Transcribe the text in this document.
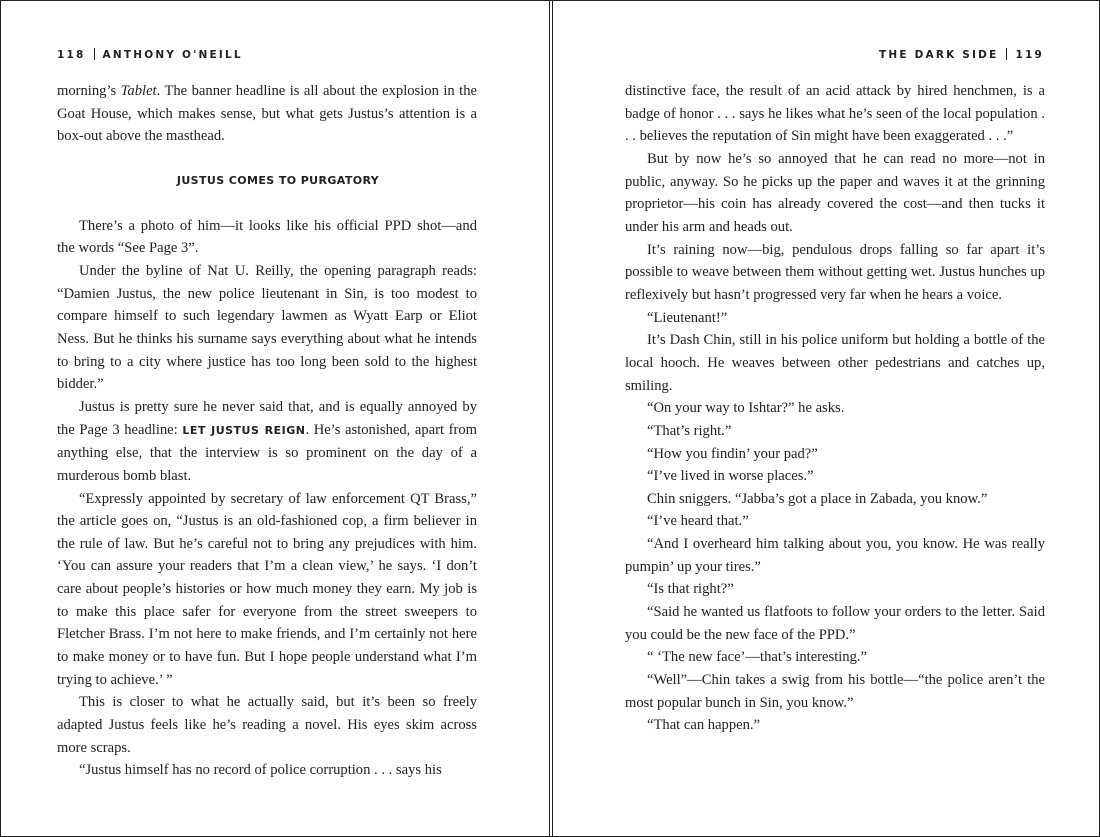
118 ANTHONY O'NEILL

morning’s Tablet. The banner headline is all about the explosion in the Goat House, which makes sense, but what gets Justus’s attention is a box-out above the masthead.

JUSTUS COMES TO PURGATORY

There’s a photo of him—it looks like his official PPD shot—and the words “See Page 3”.

Under the byline of Nat U. Reilly, the opening paragraph reads: “Damien Justus, the new police lieutenant in Sin, is too modest to compare himself to such legendary lawmen as Wyatt Earp or Eliot Ness. But he thinks his surname says everything about what he intends to bring to a city where justice has too long been sold to the highest bidder.”

Justus is pretty sure he never said that, and is equally annoyed by the Page 3 headline: LET JUSTUS REIGN. He’s astonished, apart from anything else, that the interview is so prominent on the day of a murderous bomb blast.

“Expressly appointed by secretary of law enforcement QT Brass,” the article goes on, “Justus is an old-fashioned cop, a firm believer in the rule of law. But he’s careful not to bring any prejudices with him. ‘You can assure your readers that I’m a clean view,’ he says. ‘I don’t care about people’s histories or how much money they earn. My job is to make this place safer for everyone from the street sweepers to Fletcher Brass. I’m not here to make friends, and I’m certainly not here to make money or to have fun. But I hope people understand what I’m trying to achieve.’ ”

This is closer to what he actually said, but it’s been so freely adapted Justus feels like he’s reading a novel. His eyes skim across more scraps.

“Justus himself has no record of police corruption . . . says his

THE DARK SIDE 119

distinctive face, the result of an acid attack by hired henchmen, is a badge of honor . . . says he likes what he’s seen of the local population . . . believes the reputation of Sin might have been exaggerated . . .”

But by now he’s so annoyed that he can read no more—not in public, anyway. So he picks up the paper and waves it at the grinning proprietor—his coin has already covered the cost—and then tucks it under his arm and heads out.

It’s raining now—big, pendulous drops falling so far apart it’s possible to weave between them without getting wet. Justus hunches up reflexively but hasn’t progressed very far when he hears a voice.

“Lieutenant!”

It’s Dash Chin, still in his police uniform but holding a bottle of the local hooch. He weaves between other pedestrians and catches up, smiling.

“On your way to Ishtar?” he asks.

“That’s right.”

“How you findin’ your pad?”

“I’ve lived in worse places.”

Chin sniggers. “Jabba’s got a place in Zabada, you know.”

“I’ve heard that.”

“And I overheard him talking about you, you know. He was really pumpin’ up your tires.”

“Is that right?”

“Said he wanted us flatfoots to follow your orders to the letter. Said you could be the new face of the PPD.”

“ ‘The new face’—that’s interesting.”

“Well”—Chin takes a swig from his bottle—“the police aren’t the most popular bunch in Sin, you know.”

“That can happen.”
